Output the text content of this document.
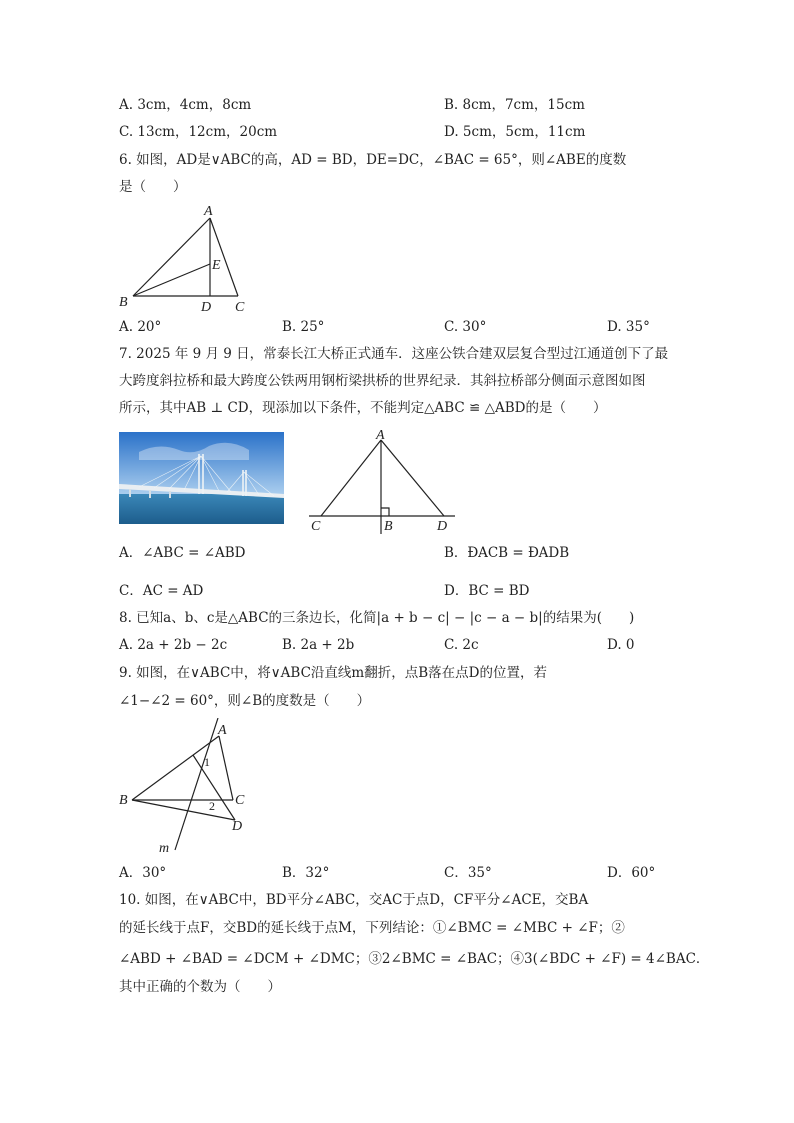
A. 3cm，4cm，8cm	B. 8cm，7cm，15cm
C. 13cm，12cm，20cm	D. 5cm，5cm，11cm
6. 如图，AD是∨ABC的高，AD = BD，DE=DC，∠BAC = 65°，则∠ABE的度数
是（　　）
A
B	C
D
E
A. 20°	B. 25°	C. 30°	D. 35°
7. 2025 年 9 月 9 日，常泰长江大桥正式通车．这座公铁合建双层复合型过江通道创下了最
大跨度斜拉桥和最大跨度公铁两用钢桁梁拱桥的世界纪录．其斜拉桥部分侧面示意图如图
所示，其中AB ⊥ CD，现添加以下条件，不能判定△ABC ≌ △ABD的是（　　）
A
B
C	D
A．∠ABC = ∠ABD	B．ÐACB = ÐADB
C．AC = AD	D．BC = BD
8. 已知a、b、c是△ABC的三条边长，化简|a + b − c| − |c − a − b|的结果为(　　)
A. 2a + 2b − 2c	B. 2a + 2b	C. 2c	D. 0
9. 如图，在∨ABC中，将∨ABC沿直线m翻折，点B落在点D的位置，若
∠1−∠2 = 60°，则∠B的度数是（　　）
A
B	C
D
m
1
2
A．30°	B．32°	C．35°	D．60°
10. 如图，在∨ABC中，BD平分∠ABC，交AC于点D，CF平分∠ACE，交BA
的延长线于点F，交BD的延长线于点M，下列结论：①∠BMC = ∠MBC + ∠F；②
∠ABD + ∠BAD = ∠DCM + ∠DMC；③2∠BMC = ∠BAC；④3(∠BDC + ∠F) = 4∠BAC．
其中正确的个数为（　　）
